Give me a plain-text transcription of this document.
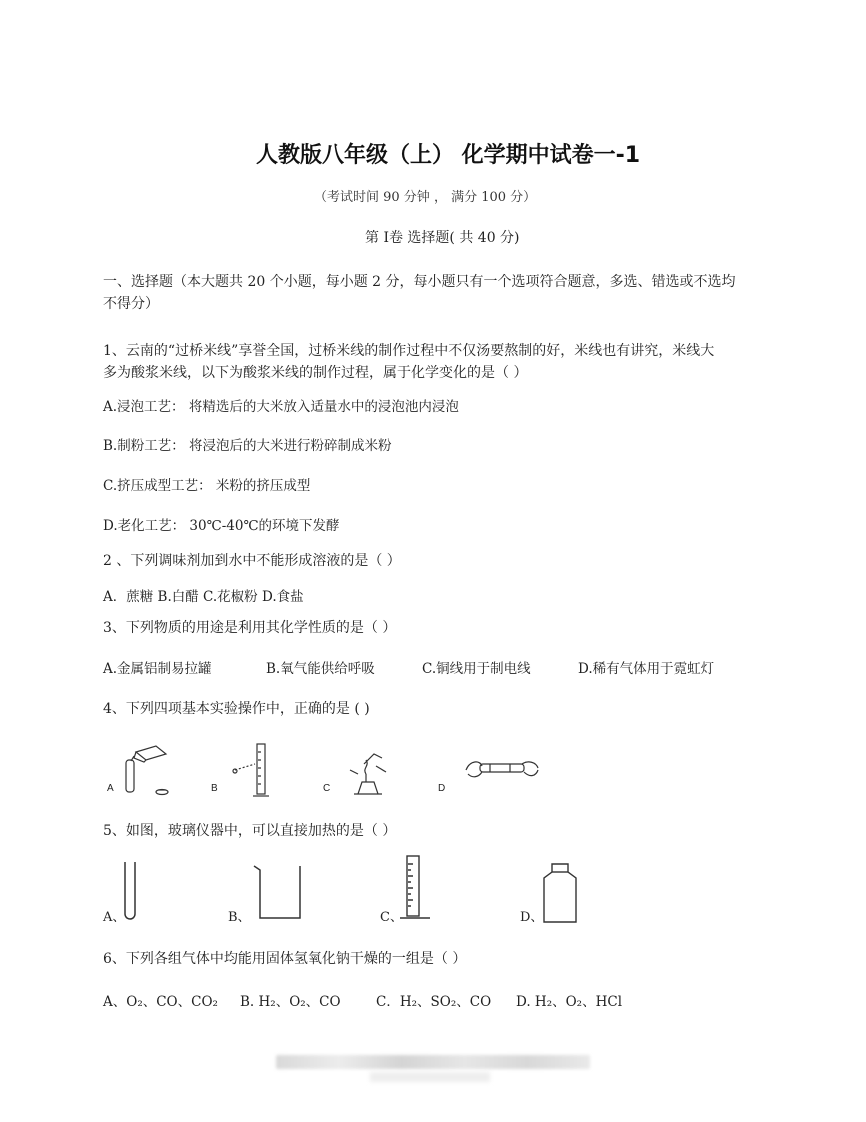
人教版八年级（上） 化学期中试卷一-1
（考试时间 90 分钟 ， 满分 100 分）
第 Ⅰ卷 选择题( 共 40 分)
一、选择题（本大题共 20 个小题，每小题 2 分，每小题只有一个选项符合题意，多选、错选或不选均
不得分）
1、云南的“过桥米线”享誉全国，过桥米线的制作过程中不仅汤要熬制的好，米线也有讲究，米线大
多为酸浆米线，以下为酸浆米线的制作过程，属于化学变化的是（ ）
A.浸泡工艺： 将精选后的大米放入适量水中的浸泡池内浸泡
B.制粉工艺： 将浸泡后的大米进行粉碎制成米粉
C.挤压成型工艺： 米粉的挤压成型
D.老化工艺： 30℃-40℃的环境下发酵
2 、下列调味剂加到水中不能形成溶液的是（ ）
A．蔗糖 B.白醋 C.花椒粉 D.食盐
3、下列物质的用途是利用其化学性质的是（ ）
A.金属铝制易拉罐	B.氧气能供给呼吸	C.铜线用于制电线	D.稀有气体用于霓虹灯
4、下列四项基本实验操作中，正确的是 ( )
A	B	C	D
5、如图，玻璃仪器中，可以直接加热的是（ ）
A、	B、	C、	D、
6、下列各组气体中均能用固体氢氧化钠干燥的一组是（ ）
A、O₂、CO、CO₂ B. H₂、O₂、CO	C．H₂、SO₂、CO D. H₂、O₂、HCl
